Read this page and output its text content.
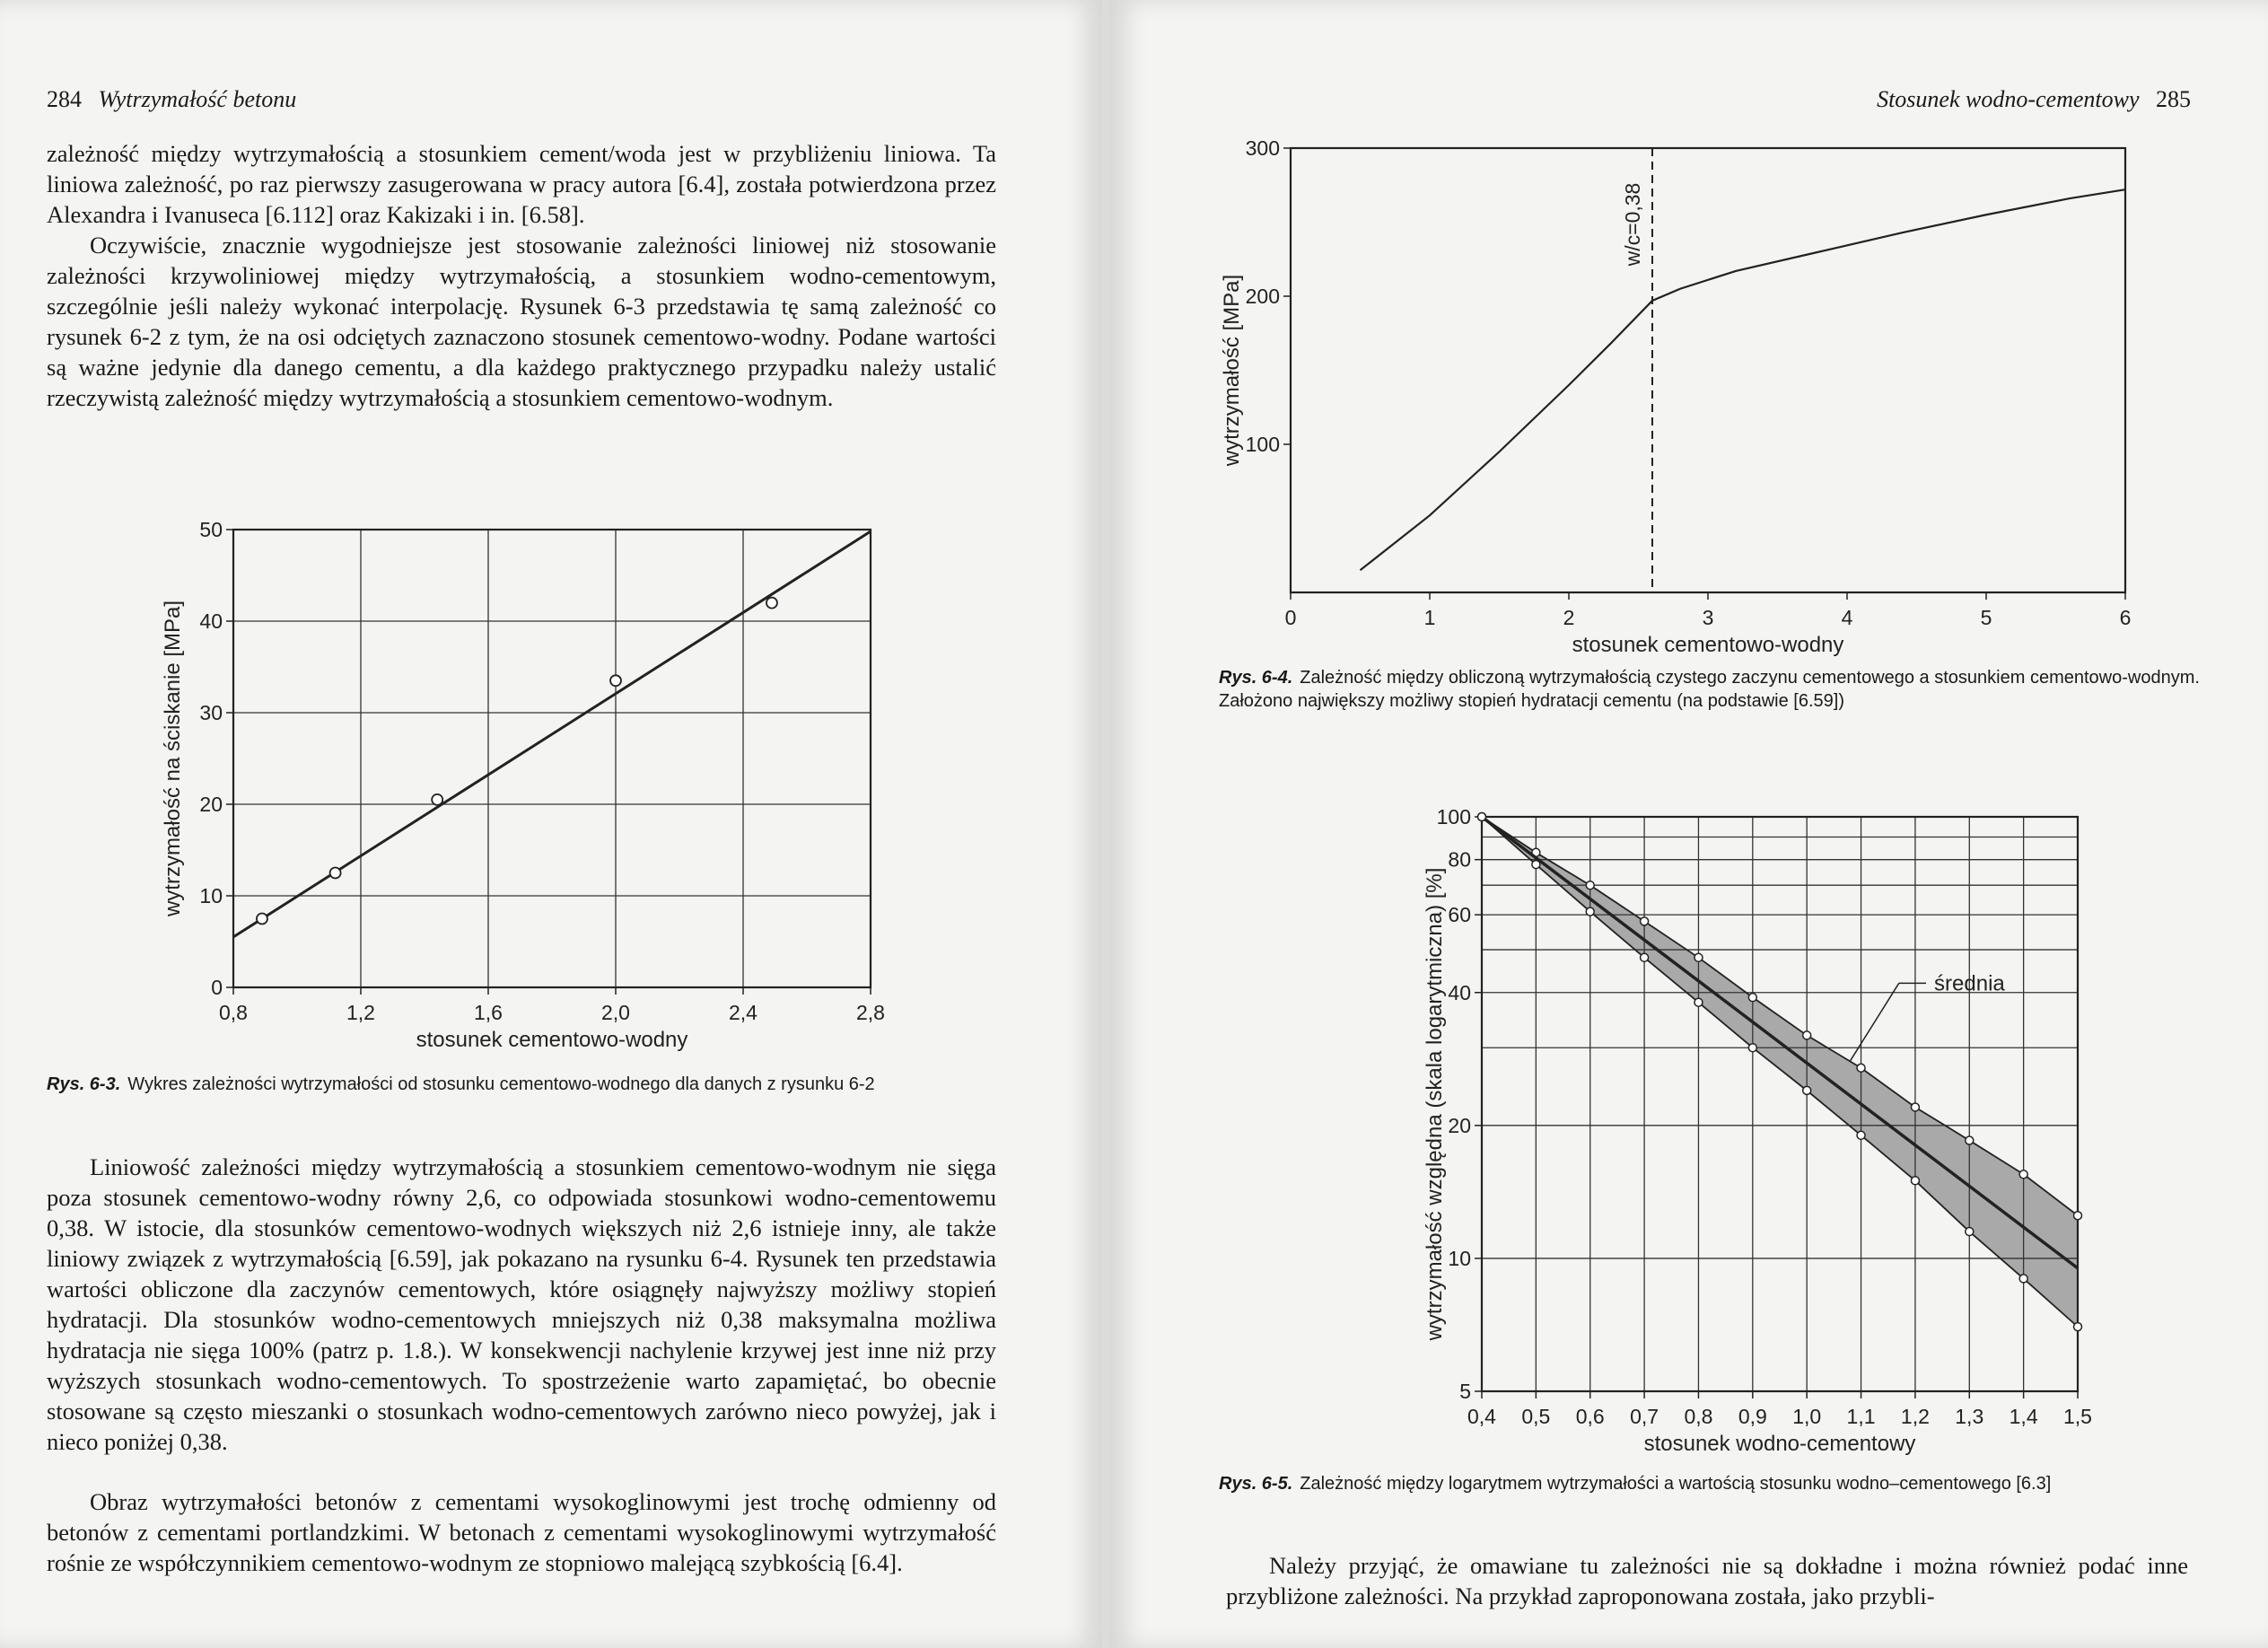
284 Wytrzymałość betonu

zależność między wytrzymałością a stosunkiem cement/woda jest w przybliżeniu liniowa. Ta liniowa zależność, po raz pierwszy zasugerowana w pracy autora [6.4], została potwierdzona przez Alexandra i Ivanuseca [6.112] oraz Kakizaki i in. [6.58].

Oczywiście, znacznie wygodniejsze jest stosowanie zależności liniowej niż stosowanie zależności krzywoliniowej między wytrzymałością, a stosunkiem wodno-cementowym, szczególnie jeśli należy wykonać interpolację. Rysunek 6-3 przedstawia tę samą zależność co rysunek 6-2 z tym, że na osi odciętych zaznaczono stosunek cementowo-wodny. Podane wartości są ważne jedynie dla danego cementu, a dla każdego praktycznego przypadku należy ustalić rzeczywistą zależność między wytrzymałością a stosunkiem cementowo-wodnym.

0,8	1,2	1,6	2,0	2,4	2,8
0
10
20
30
40
50
stosunek cementowo-wodny
wytrzymałość na ściskanie [MPa]

Rys. 6-3. Wykres zależności wytrzymałości od stosunku cementowo-wodnego dla danych z rysunku 6-2

Liniowość zależności między wytrzymałością a stosunkiem cementowo-wodnym nie sięga poza stosunek cementowo-wodny równy 2,6, co odpowiada stosunkowi wodno-cementowemu 0,38. W istocie, dla stosunków cementowo-wodnych większych niż 2,6 istnieje inny, ale także liniowy związek z wytrzymałością [6.59], jak pokazano na rysunku 6-4. Rysunek ten przedstawia wartości obliczone dla zaczynów cementowych, które osiągnęły najwyższy możliwy stopień hydratacji. Dla stosunków wodno-cementowych mniejszych niż 0,38 maksymalna możliwa hydratacja nie sięga 100% (patrz p. 1.8.). W konsekwencji nachylenie krzywej jest inne niż przy wyższych stosunkach wodno-cementowych. To spostrzeżenie warto zapamiętać, bo obecnie stosowane są często mieszanki o stosunkach wodno-cementowych zarówno nieco powyżej, jak i nieco poniżej 0,38.

Obraz wytrzymałości betonów z cementami wysokoglinowymi jest trochę odmienny od betonów z cementami portlandzkimi. W betonach z cementami wysokoglinowymi wytrzymałość rośnie ze współczynnikiem cementowo-wodnym ze stopniowo malejącą szybkością [6.4].

Stosunek wodno-cementowy 285
0	1	2	3	4	5	6
100
200
300
stosunek cementowo-wodny
wytrzymałość [MPa]
w/c=0,38

Rys. 6-4. Zależność między obliczoną wytrzymałością czystego zaczynu cementowego a stosunkiem cementowo-wodnym. Założono największy możliwy stopień hydratacji cementu (na podstawie [6.59])

0,4 0,5 0,6 0,7 0,8 0,9 1,0 1,1 1,2 1,3 1,4 1,5
5
10
20
40
60
80
100
stosunek wodno-cementowy
wytrzymałość względna (skala logarytmiczna) [%]	średnia

Rys. 6-5. Zależność między logarytmem wytrzymałości a wartością stosunku wodno–cementowego [6.3]

Należy przyjąć, że omawiane tu zależności nie są dokładne i można również podać inne przybliżone zależności. Na przykład zaproponowana została, jako przybli-
